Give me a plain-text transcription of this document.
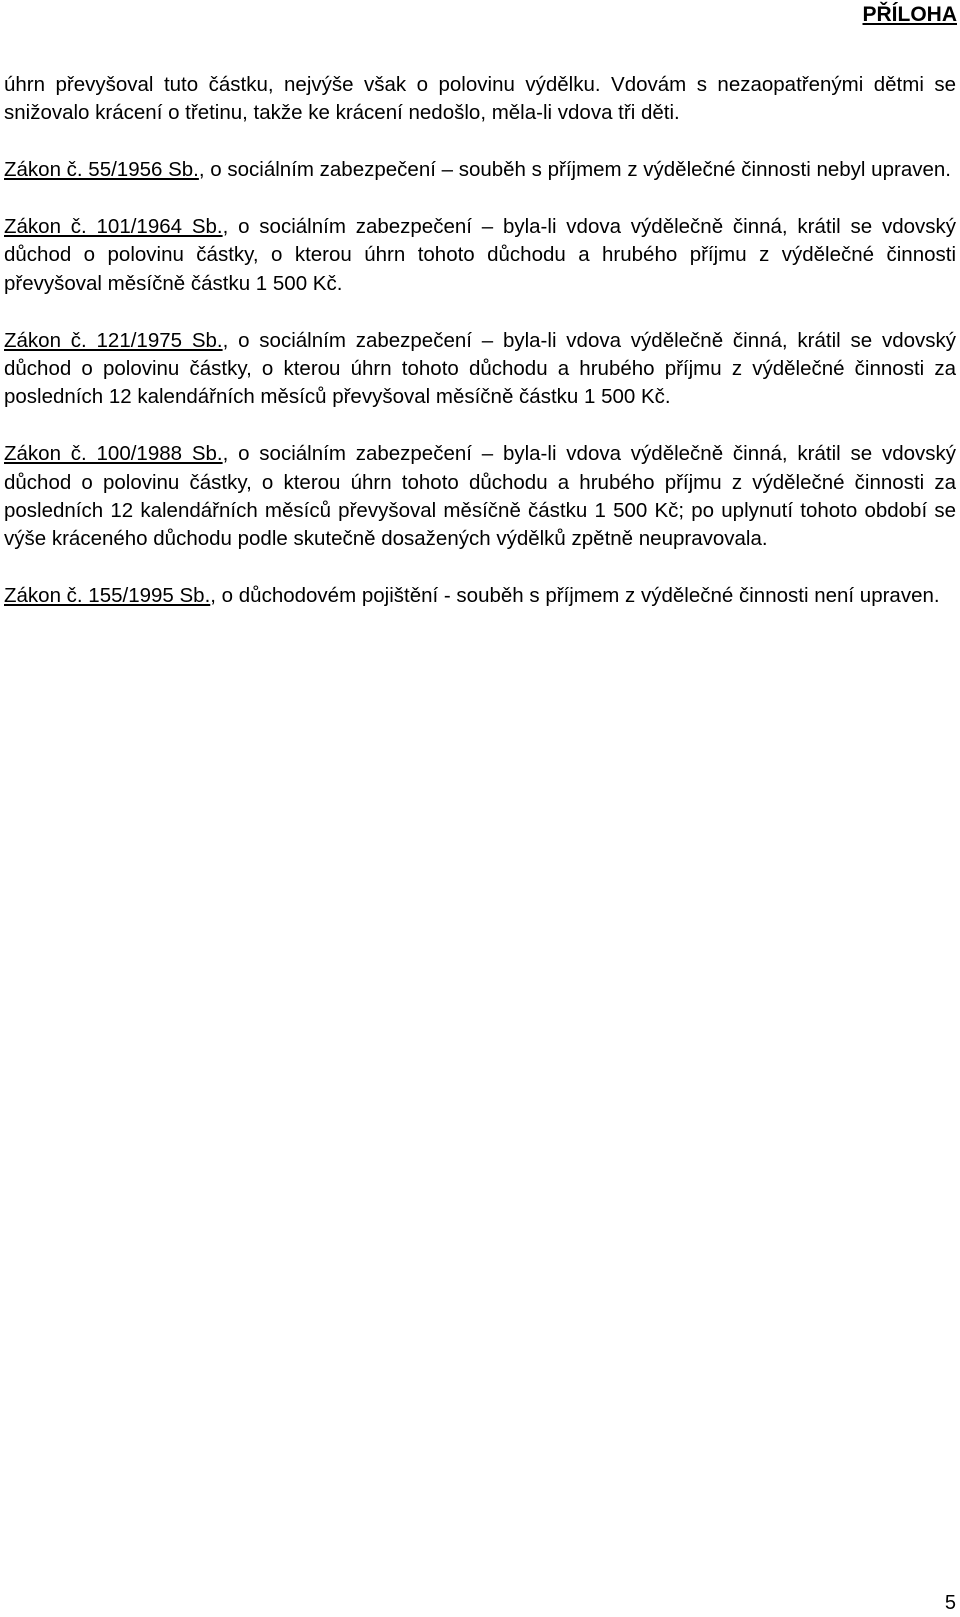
PŘÍLOHA

úhrn převyšoval tuto částku, nejvýše však o polovinu výdělku. Vdovám s nezaopatřenými dětmi se snižovalo krácení o třetinu, takže ke krácení nedošlo, měla-li vdova tři děti.

Zákon č. 55/1956 Sb., o sociálním zabezpečení – souběh s příjmem z výdělečné činnosti nebyl upraven.

Zákon č. 101/1964 Sb., o sociálním zabezpečení – byla-li vdova výdělečně činná, krátil se vdovský důchod o polovinu částky, o kterou úhrn tohoto důchodu a hrubého příjmu z výdělečné činnosti převyšoval měsíčně částku 1 500 Kč.

Zákon č. 121/1975 Sb., o sociálním zabezpečení – byla-li vdova výdělečně činná, krátil se vdovský důchod o polovinu částky, o kterou úhrn tohoto důchodu a hrubého příjmu z výdělečné činnosti za posledních 12 kalendářních měsíců převyšoval měsíčně částku 1 500 Kč.

Zákon č. 100/1988 Sb., o sociálním zabezpečení – byla-li vdova výdělečně činná, krátil se vdovský důchod o polovinu částky, o kterou úhrn tohoto důchodu a hrubého příjmu z výdělečné činnosti za posledních 12 kalendářních měsíců převyšoval měsíčně částku 1 500 Kč; po uplynutí tohoto období se výše kráceného důchodu podle skutečně dosažených výdělků zpětně neupravovala.

Zákon č. 155/1995 Sb., o důchodovém pojištění - souběh s příjmem z výdělečné činnosti není upraven.

5
